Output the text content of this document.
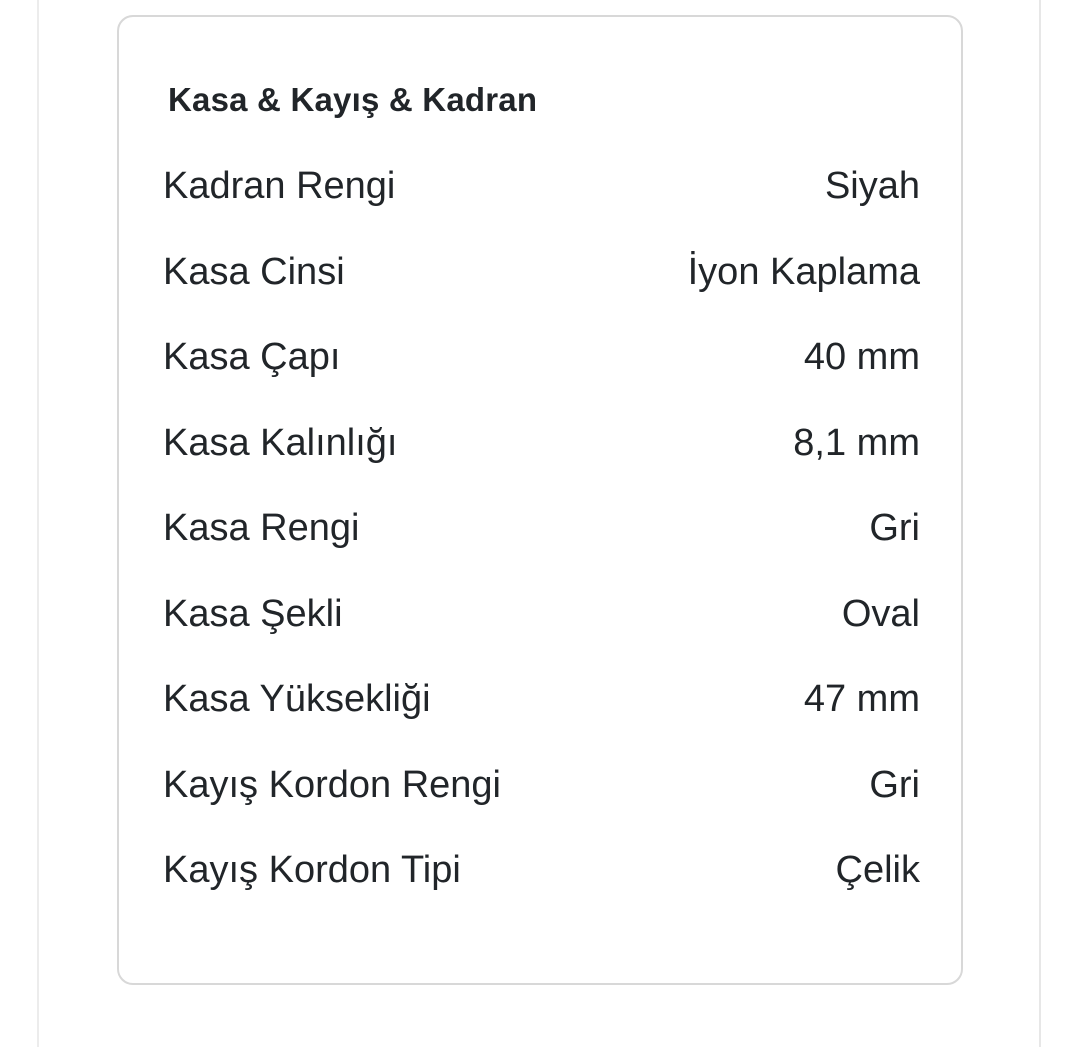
Kasa & Kayış & Kadran
Kadran Rengi	Siyah
Kasa Cinsi	İyon Kaplama
Kasa Çapı	40 mm
Kasa Kalınlığı	8,1 mm
Kasa Rengi	Gri
Kasa Şekli	Oval
Kasa Yüksekliği	47 mm
Kayış Kordon Rengi	Gri
Kayış Kordon Tipi	Çelik
